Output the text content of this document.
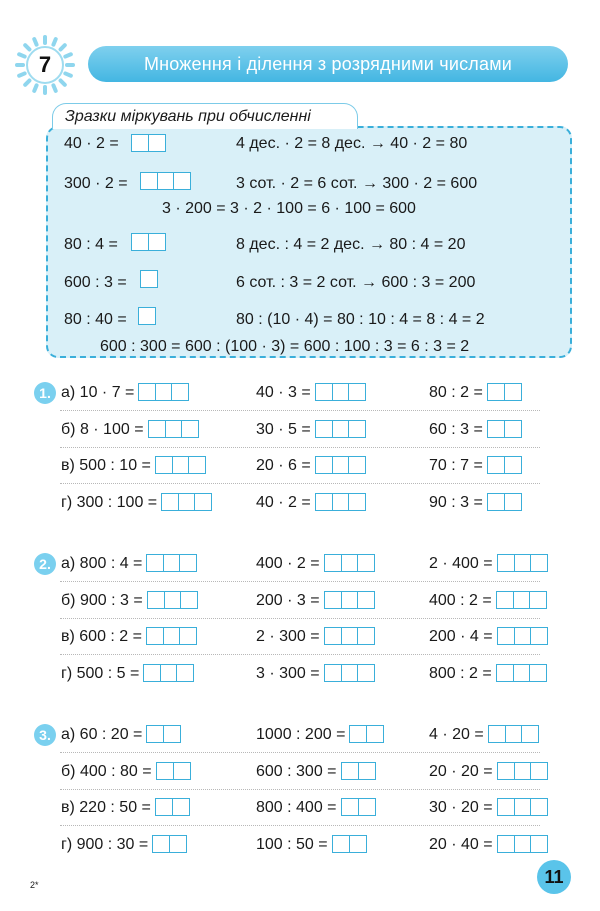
7	Множення і ділення з розрядними числами
Зразки міркувань при обчисленні
40 · 2 =	4 дес. · 2 = 8 дес. → 40 · 2 = 80
300 · 2 =	3 сот. · 2 = 6 сот. → 300 · 2 = 600
3 · 200 = 3 · 2 · 100 = 6 · 100 = 600
80 : 4 =	8 дес. : 4 = 2 дес. → 80 : 4 = 20
600 : 3 =	6 сот. : 3 = 2 сот. → 600 : 3 = 200
80 : 40 =	80 : (10 · 4) = 80 : 10 : 4 = 8 : 4 = 2
600 : 300 = 600 : (100 · 3) = 600 : 100 : 3 = 6 : 3 = 2
1.
2.
3.
а) 10 · 7 =	40 · 3 =	80 : 2 =
б) 8 · 100 =	30 · 5 =	60 : 3 =
в) 500 : 10 =	20 · 6 =	70 : 7 =
г) 300 : 100 =	40 · 2 =	90 : 3 =
а) 800 : 4 =	400 · 2 =	2 · 400 =
б) 900 : 3 =	200 · 3 =	400 : 2 =
в) 600 : 2 =	2 · 300 =	200 · 4 =
г) 500 : 5 =	3 · 300 =	800 : 2 =
а) 60 : 20 =	1000 : 200 =	4 · 20 =
б) 400 : 80 =	600 : 300 =	20 · 20 =
в) 220 : 50 =	800 : 400 =	30 · 20 =
г) 900 : 30 =	100 : 50 =	20 · 40 =
2*	11
